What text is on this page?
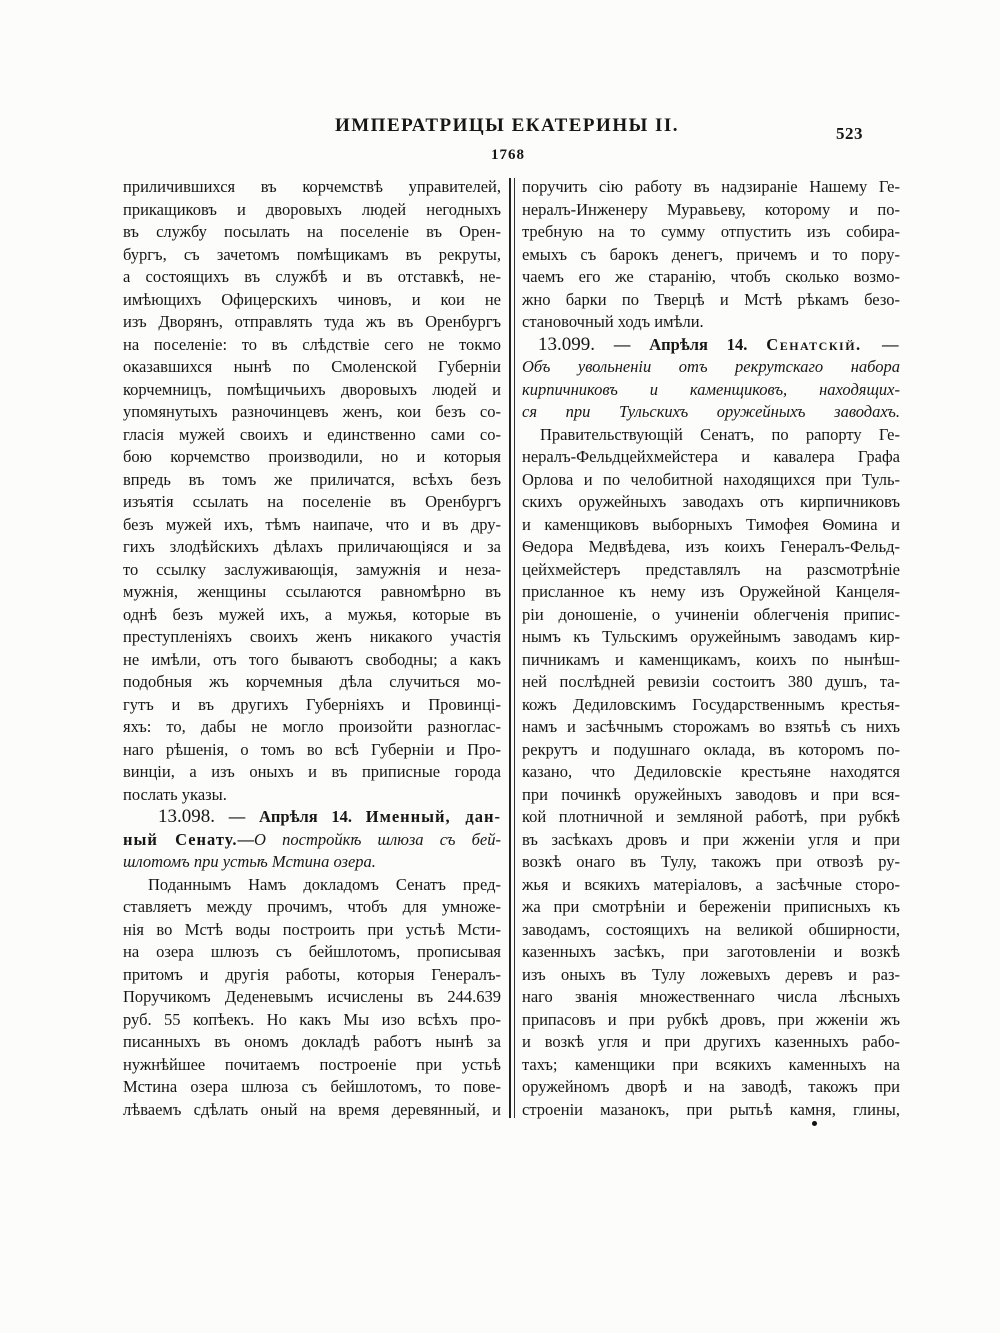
ИМПЕРАТРИЦЫ ЕКАТЕРИНЫ II.	523
1768
приличившихся въ корчемствѣ управителей,
прикащиковъ и дворовыхъ людей негодныхъ
въ службу посылать на поселеніе въ Орен-
бургъ, съ зачетомъ помѣщикамъ въ рекруты,
а состоящихъ въ службѣ и въ отставкѣ, не-
имѣющихъ Офицерскихъ чиновъ, и кои не
изъ Дворянъ, отправлять туда жъ въ Оренбургъ
на поселеніе: то въ слѣдствіе сего не токмо
оказавшихся нынѣ по Смоленской Губерніи
корчемницъ, помѣщичьихъ дворовыхъ людей и
упомянутыхъ разночинцевъ женъ, кои безъ со-
гласія мужей своихъ и единственно сами со-
бою корчемство производили, но и которыя
впредь въ томъ же приличатся, всѣхъ безъ
изъятія ссылать на поселеніе въ Оренбургъ
безъ мужей ихъ, тѣмъ наипаче, что и въ дру-
гихъ злодѣйскихъ дѣлахъ приличающіяся и за
то ссылку заслуживающія, замужнія и неза-
мужнія, женщины ссылаются равномѣрно въ
однѣ безъ мужей ихъ, а мужья, которые въ
преступленіяхъ своихъ женъ никакого участія
не имѣли, отъ того бываютъ свободны; а какъ
подобныя жъ корчемныя дѣла случиться мо-
гутъ и въ другихъ Губерніяхъ и Провинці-
яхъ: то, дабы не могло произойти разноглас-
наго рѣшенія, о томъ во всѣ Губерніи и Про-
винціи, а изъ оныхъ и въ приписные города
послать указы.
13.098. — Апрѣля 14. Именный, дан-
ный Сенату.—О постройкѣ шлюза съ бей-
шлотомъ при устьѣ Мстина озера.
Поданнымъ Намъ докладомъ Сенатъ пред-
ставляетъ между прочимъ, чтобъ для умноже-
нія во Мстѣ воды построить при устьѣ Мсти-
на озера шлюзъ съ бейшлотомъ, прописывая
притомъ и другія работы, которыя Генералъ-
Поручикомъ Деденевымъ исчислены въ 244.639
руб. 55 копѣекъ. Но какъ Мы изо всѣхъ про-
писанныхъ въ ономъ докладѣ работъ нынѣ за
нужнѣйшее почитаемъ построеніе при устьѣ
Мстина озера шлюза съ бейшлотомъ, то пове-
лѣваемъ сдѣлать оный на время деревянный, и
поручить сію работу въ надзираніе Нашему Ге-
нералъ-Инженеру Муравьеву, которому и по-
требную на то сумму отпустить изъ собира-
емыхъ съ барокъ денегъ, причемъ и то пору-
чаемъ его же старанію, чтобъ сколько возмо-
жно барки по Тверцѣ и Мстѣ рѣкамъ безо-
становочный ходъ имѣли.
13.099. — Апрѣля 14. Сенатскій. —
Объ увольненіи отъ рекрутскаго набора
кирпичниковъ и каменщиковъ, находящих-
ся при Тульскихъ оружейныхъ заводахъ.
Правительствующій Сенатъ, по рапорту Ге-
нералъ-Фельдцейхмейстера и кавалера Графа
Орлова и по челобитной находящихся при Туль-
скихъ оружейныхъ заводахъ отъ кирпичниковъ
и каменщиковъ выборныхъ Тимофея Ѳомина и
Ѳедора Медвѣдева, изъ коихъ Генералъ-Фельд-
цейхмейстеръ представлялъ на разсмотрѣніе
присланное къ нему изъ Оружейной Канцеля-
ріи доношеніе, о учиненіи облегченія припис-
нымъ къ Тульскимъ оружейнымъ заводамъ кир-
пичникамъ и каменщикамъ, коихъ по нынѣш-
ней послѣдней ревизіи состоитъ 380 душъ, та-
кожъ Дедиловскимъ Государственнымъ крестья-
намъ и засѣчнымъ сторожамъ во взятьѣ съ нихъ
рекрутъ и подушнаго оклада, въ которомъ по-
казано, что Дедиловскіе крестьяне находятся
при починкѣ оружейныхъ заводовъ и при вся-
кой плотничной и земляной работѣ, при рубкѣ
въ засѣкахъ дровъ и при жженіи угля и при
возкѣ онаго въ Тулу, такожъ при отвозѣ ру-
жья и всякихъ матеріаловъ, а засѣчные сторо-
жа при смотрѣніи и береженіи приписныхъ къ
заводамъ, состоящихъ на великой обширности,
казенныхъ засѣкъ, при заготовленіи и возкѣ
изъ оныхъ въ Тулу ложевыхъ деревъ и раз-
наго званія множественнаго числа лѣсныхъ
припасовъ и при рубкѣ дровъ, при жженіи жъ
и возкѣ угля и при другихъ казенныхъ рабо-
тахъ; каменщики при всякихъ каменныхъ на
оружейномъ дворѣ и на заводѣ, такожъ при
строеніи мазанокъ, при рытьѣ камня, глины,
